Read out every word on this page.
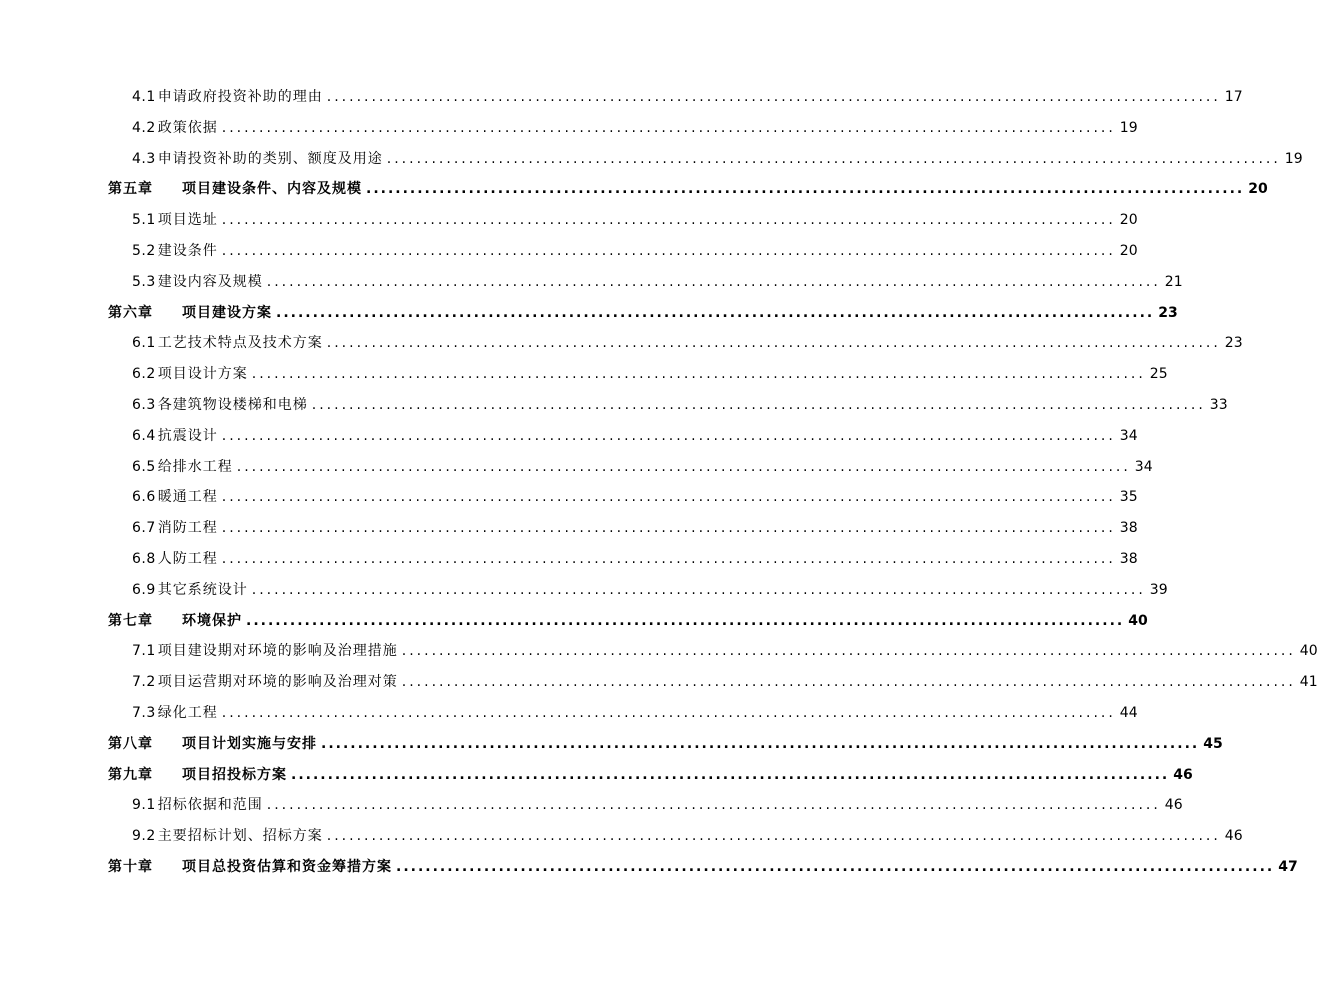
4.1 申请政府投资补助的理由 ........................................................................................................................ 17
4.2 政策依据 ........................................................................................................................ 19
4.3 申请投资补助的类别、额度及用途 ........................................................................................................................ 19
第五章	项目建设条件、内容及规模 ........................................................................................................................ 20
5.1 项目选址 ........................................................................................................................ 20
5.2 建设条件 ........................................................................................................................ 20
5.3 建设内容及规模 ........................................................................................................................ 21
第六章	项目建设方案 ........................................................................................................................ 23
6.1 工艺技术特点及技术方案 ........................................................................................................................ 23
6.2 项目设计方案 ........................................................................................................................ 25
6.3 各建筑物设楼梯和电梯 ........................................................................................................................ 33
6.4 抗震设计 ........................................................................................................................ 34
6.5 给排水工程 ........................................................................................................................ 34
6.6 暖通工程 ........................................................................................................................ 35
6.7 消防工程 ........................................................................................................................ 38
6.8 人防工程 ........................................................................................................................ 38
6.9 其它系统设计 ........................................................................................................................ 39
第七章	环境保护 ........................................................................................................................ 40
7.1 项目建设期对环境的影响及治理措施 ........................................................................................................................ 40
7.2 项目运营期对环境的影响及治理对策 ........................................................................................................................ 41
7.3 绿化工程 ........................................................................................................................ 44
第八章	项目计划实施与安排 ........................................................................................................................ 45
第九章	项目招投标方案 ........................................................................................................................ 46
9.1 招标依据和范围 ........................................................................................................................ 46
9.2 主要招标计划、招标方案 ........................................................................................................................ 46
第十章	项目总投资估算和资金筹措方案 ........................................................................................................................ 47
